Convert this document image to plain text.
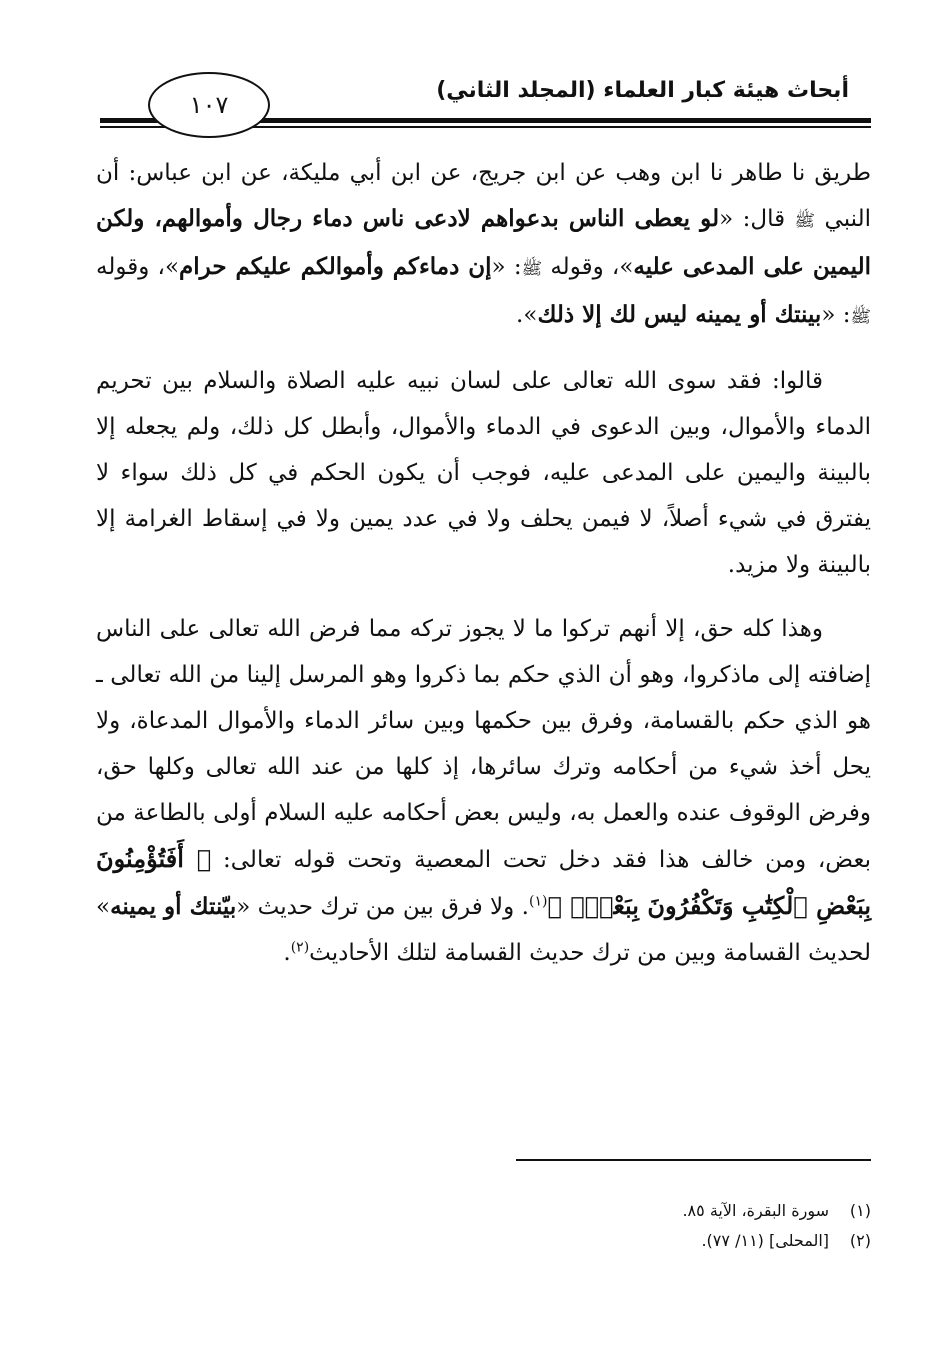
أبحاث هيئة كبار العلماء (المجلد الثاني)
١٠٧

طريق نا طاهر نا ابن وهب عن ابن جريج، عن ابن أبي مليكة، عن ابن عباس: أن النبي ﷺ قال: «لو يعطى الناس بدعواهم لادعى ناس دماء رجال وأموالهم، ولكن اليمين على المدعى عليه»، وقوله ﷺ: «إن دماءكم وأموالكم عليكم حرام»، وقوله ﷺ: «بينتك أو يمينه ليس لك إلا ذلك».

قالوا: فقد سوى الله تعالى على لسان نبيه عليه الصلاة والسلام بين تحريم الدماء والأموال، وبين الدعوى في الدماء والأموال، وأبطل كل ذلك، ولم يجعله إلا بالبينة واليمين على المدعى عليه، فوجب أن يكون الحكم في كل ذلك سواء لا يفترق في شيء أصلاً، لا فيمن يحلف ولا في عدد يمين ولا في إسقاط الغرامة إلا بالبينة ولا مزيد.

وهذا كله حق، إلا أنهم تركوا ما لا يجوز تركه مما فرض الله تعالى على الناس إضافته إلى ماذكروا، وهو أن الذي حكم بما ذكروا وهو المرسل إلينا من الله تعالى ـ هو الذي حكم بالقسامة، وفرق بين حكمها وبين سائر الدماء والأموال المدعاة، ولا يحل أخذ شيء من أحكامه وترك سائرها، إذ كلها من عند الله تعالى وكلها حق، وفرض الوقوف عنده والعمل به، وليس بعض أحكامه عليه السلام أولى بالطاعة من بعض، ومن خالف هذا فقد دخل تحت المعصية وتحت قوله تعالى: ﴿ أَفَتُؤْمِنُونَ بِبَعْضِ ٱلْكِتَٰبِ وَتَكْفُرُونَ بِبَعْضٍۚ ﴾$^{(١)}$. ولا فرق بين من ترك حديث «بيّنتك أو يمينه» لحديث القسامة وبين من ترك حديث القسامة لتلك الأحاديث$^{(٢)}$.

(١)
سورة البقرة، الآية ٨٥.
(٢)
[المحلى] (١١/ ٧٧).
